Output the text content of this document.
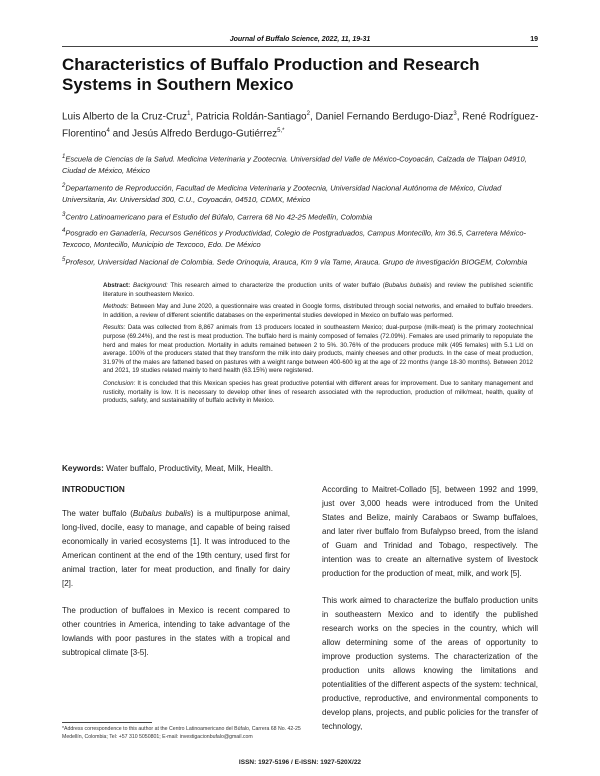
Journal of Buffalo Science, 2022, 11, 19-31	19
Characteristics of Buffalo Production and Research Systems in Southern Mexico
Luis Alberto de la Cruz-Cruz$^1$, Patricia Roldán-Santiago$^2$, Daniel Fernando Berdugo-Diaz$^3$, René Rodríguez-Florentino$^4$ and Jesús Alfredo Berdugo-Gutiérrez$^{5,*}$
$^1$Escuela de Ciencias de la Salud. Medicina Veterinaria y Zootecnia. Universidad del Valle de México-Coyoacán, Calzada de Tlalpan 04910, Ciudad de México, México
$^2$Departamento de Reproducción, Facultad de Medicina Veterinaria y Zootecnia, Universidad Nacional Autónoma de México, Ciudad Universitaria, Av. Universidad 300, C.U., Coyoacán, 04510, CDMX, México
$^3$Centro Latinoamericano para el Estudio del Búfalo, Carrera 68 No 42-25 Medellín, Colombia
$^4$Posgrado en Ganadería, Recursos Genéticos y Productividad, Colegio de Postgraduados, Campus Montecillo, km 36.5, Carretera México-Texcoco, Montecillo, Municipio de Texcoco, Edo. De México
$^5$Profesor, Universidad Nacional de Colombia. Sede Orinoquia, Arauca, Km 9 vía Tame, Arauca. Grupo de investigación BIOGEM, Colombia

Abstract: Background: This research aimed to characterize the production units of water buffalo (Bubalus bubalis) and review the published scientific literature in southeastern Mexico.

Methods: Between May and June 2020, a questionnaire was created in Google forms, distributed through social networks, and emailed to buffalo breeders. In addition, a review of different scientific databases on the experimental studies developed in Mexico on buffalo was performed.

Results: Data was collected from 8,867 animals from 13 producers located in southeastern Mexico; dual-purpose (milk-meat) is the primary zootechnical purpose (69.24%), and the rest is meat production. The buffalo herd is mainly composed of females (72.09%). Females are used primarily to repopulate the herd and males for meat production. Mortality in adults remained between 2 to 5%. 30.76% of the producers produce milk (495 females) with 5.1 L/d on average. 100% of the producers stated that they transform the milk into dairy products, mainly cheeses and other products. In the case of meat production, 31.97% of the males are fattened based on pastures with a weight range between 400-600 kg at the age of 22 months (range 18-30 months). Between 2012 and 2021, 19 studies related mainly to herd health (63.15%) were registered.

Conclusion: It is concluded that this Mexican species has great productive potential with different areas for improvement. Due to sanitary management and rusticity, mortality is low. It is necessary to develop other lines of research associated with the reproduction, production of milk/meat, health, quality of products, safety, and sustainability of buffalo activity in Mexico.

Keywords: Water buffalo, Productivity, Meat, Milk, Health.
INTRODUCTION

The water buffalo (Bubalus bubalis) is a multipurpose animal, long-lived, docile, easy to manage, and capable of being raised economically in varied ecosystems [1]. It was introduced to the American continent at the end of the 19th century, used first for animal traction, later for meat production, and finally for dairy [2].

The production of buffaloes in Mexico is recent compared to other countries in America, intending to take advantage of the lowlands with poor pastures in the states with a tropical and subtropical climate [3-5].

According to Maitret-Collado [5], between 1992 and 1999, just over 3,000 heads were introduced from the United States and Belize, mainly Carabaos or Swamp buffaloes, and later river buffalo from Bufalypso breed, from the island of Guam and Trinidad and Tobago, respectively. The intention was to create an alternative system of livestock production for the production of meat, milk, and work [5].

This work aimed to characterize the buffalo production units in southeastern Mexico and to identify the published research works on the species in the country, which will allow determining some of the areas of opportunity to improve production systems. The characterization of the production units allows knowing the limitations and potentialities of the different aspects of the system: technical, productive, reproductive, and environmental components to develop plans, projects, and public policies for the transfer of technology,

*Address correspondence to this author at the Centro Latinoamericano del Búfalo, Carrera 68 No. 42-25 Medellín, Colombia; Tel: +57 310 5050801; E-mail: investigacionbufalo@gmail.com
ISSN: 1927-5196 / E-ISSN: 1927-520X/22
